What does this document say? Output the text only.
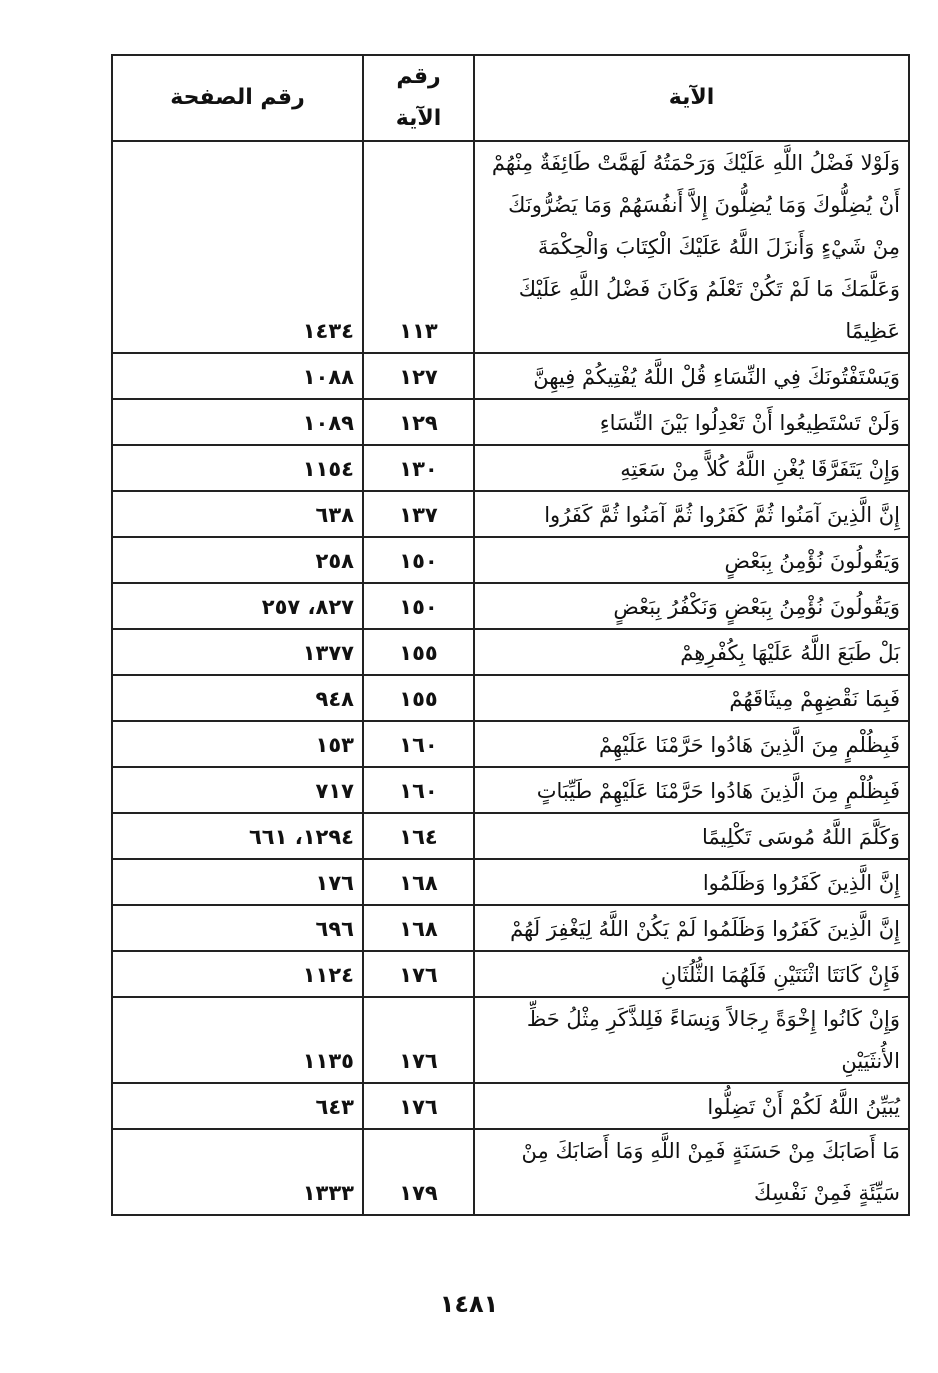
الآية	رقم الآية	رقم الصفحة
وَلَوْلا فَضْلُ اللَّهِ عَلَيْكَ وَرَحْمَتُهُ لَهَمَّتْ طَائِفَةٌ مِنْهُمْ أَنْ يُضِلُّوكَ وَمَا يُضِلُّونَ إِلاَّ أَنفُسَهُمْ وَمَا يَضُرُّونَكَ مِنْ شَيْءٍ وَأَنزَلَ اللَّهُ عَلَيْكَ الْكِتَابَ وَالْحِكْمَةَ وَعَلَّمَكَ مَا لَمْ تَكُنْ تَعْلَمُ وَكَانَ فَضْلُ اللَّهِ عَلَيْكَ عَظِيمًا	١١٣	١٤٣٤
وَيَسْتَفْتُونَكَ فِي النِّسَاءِ قُلْ اللَّهُ يُفْتِيكُمْ فِيهِنَّ	١٢٧	١٠٨٨
وَلَنْ تَسْتَطِيعُوا أَنْ تَعْدِلُوا بَيْنَ النِّسَاءِ	١٢٩	١٠٨٩
وَإِنْ يَتَفَرَّقَا يُغْنِ اللَّهُ كُلاًّ مِنْ سَعَتِهِ	١٣٠	١١٥٤
إِنَّ الَّذِينَ آمَنُوا ثُمَّ كَفَرُوا ثُمَّ آمَنُوا ثُمَّ كَفَرُوا	١٣٧	٦٣٨
وَيَقُولُونَ نُؤْمِنُ بِبَعْضٍ	١٥٠	٢٥٨
وَيَقُولُونَ نُؤْمِنُ بِبَعْضٍ وَنَكْفُرُ بِبَعْضٍ	١٥٠	٨٢٧، ٢٥٧
بَلْ طَبَعَ اللَّهُ عَلَيْهَا بِكُفْرِهِمْ	١٥٥	١٣٧٧
فَبِمَا نَقْضِهِمْ مِيثَاقَهُمْ	١٥٥	٩٤٨
فَبِظُلْمٍ مِنَ الَّذِينَ هَادُوا حَرَّمْنَا عَلَيْهِمْ	١٦٠	١٥٣
فَبِظُلْمٍ مِنَ الَّذِينَ هَادُوا حَرَّمْنَا عَلَيْهِمْ طَيِّبَاتٍ	١٦٠	٧١٧
وَكَلَّمَ اللَّهُ مُوسَى تَكْلِيمًا	١٦٤	١٢٩٤، ٦٦١
إِنَّ الَّذِينَ كَفَرُوا وَظَلَمُوا	١٦٨	١٧٦
إِنَّ الَّذِينَ كَفَرُوا وَظَلَمُوا لَمْ يَكُنْ اللَّهُ لِيَغْفِرَ لَهُمْ	١٦٨	٦٩٦
فَإِنْ كَانَتَا اثْنَتَيْنِ فَلَهُمَا الثُّلُثَانِ	١٧٦	١١٢٤
وَإِنْ كَانُوا إِخْوَةً رِجَالاً وَنِسَاءً فَلِلذَّكَرِ مِثْلُ حَظِّ الأُنثَيَيْنِ	١٧٦	١١٣٥
يُبَيِّنُ اللَّهُ لَكُمْ أَنْ تَضِلُّوا	١٧٦	٦٤٣
مَا أَصَابَكَ مِنْ حَسَنَةٍ فَمِنْ اللَّهِ وَمَا أَصَابَكَ مِنْ سَيِّئَةٍ فَمِنْ نَفْسِكَ	١٧٩	١٣٣٣
١٤٨١
